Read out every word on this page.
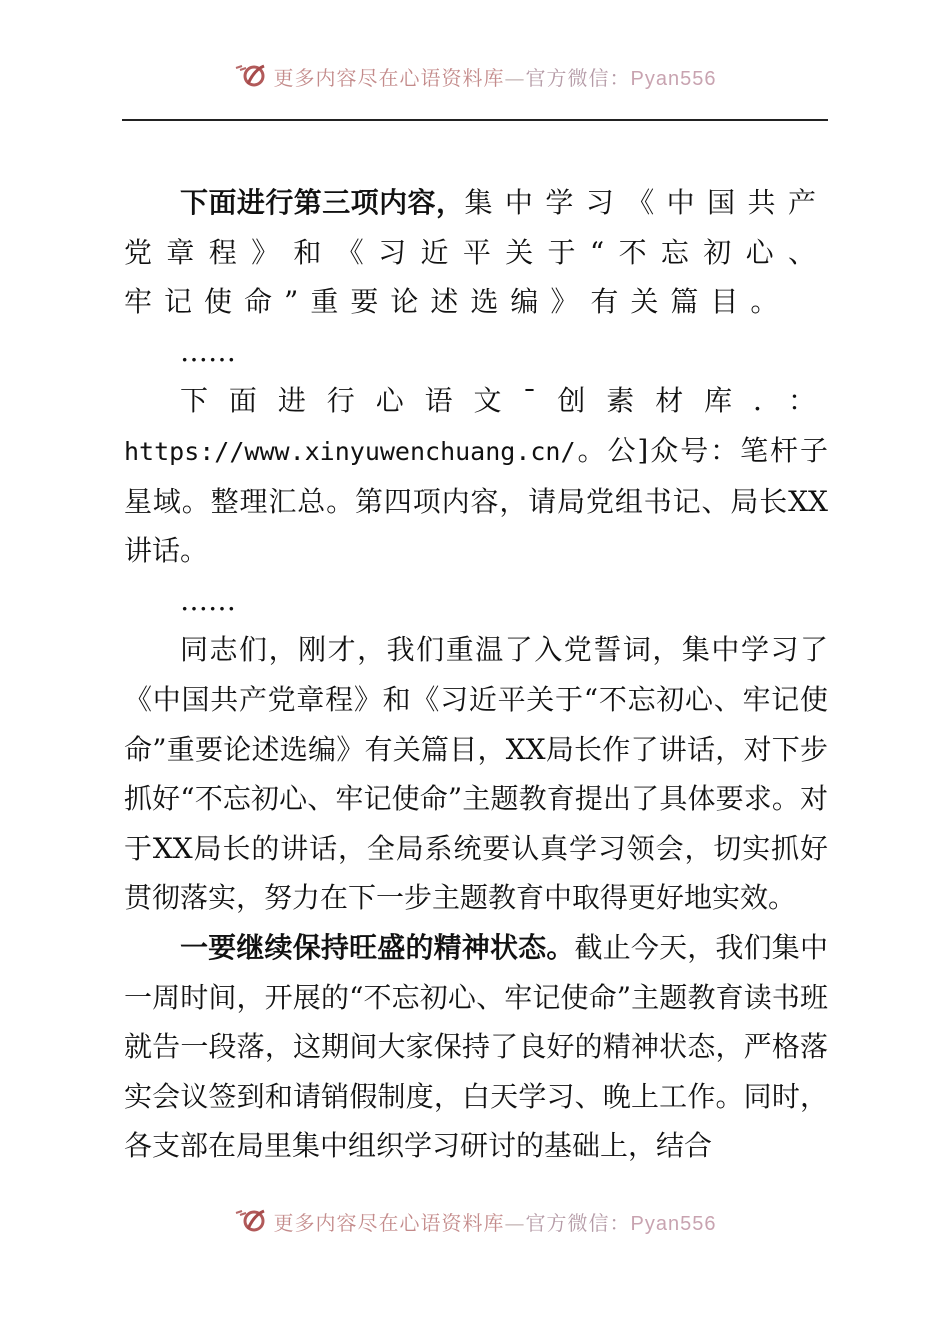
更多内容尽在心语资料库—官方微信：Pyan556

下面进行第三项内容，集中学习《中国共产党章程》和《习近平关于“不忘初心、牢记使命”重要论述选编》有关篇目。

……

下面进行心语文¯创素材库．： https://www.xinyuwenchuang.cn/。公]众号：笔杆子星域。整理汇总。第四项内容，请局党组书记、局长XX讲话。

……

同志们，刚才，我们重温了入党誓词，集中学习了《中国共产党章程》和《习近平关于“不忘初心、牢记使命”重要论述选编》有关篇目，XX局长作了讲话，对下步抓好“不忘初心、牢记使命”主题教育提出了具体要求。对于XX局长的讲话，全局系统要认真学习领会，切实抓好贯彻落实，努力在下一步主题教育中取得更好地实效。

一要继续保持旺盛的精神状态。截止今天，我们集中一周时间，开展的“不忘初心、牢记使命”主题教育读书班就告一段落，这期间大家保持了良好的精神状态，严格落实会议签到和请销假制度，白天学习、晚上工作。同时，各支部在局里集中组织学习研讨的基础上，结合

更多内容尽在心语资料库—官方微信：Pyan556
